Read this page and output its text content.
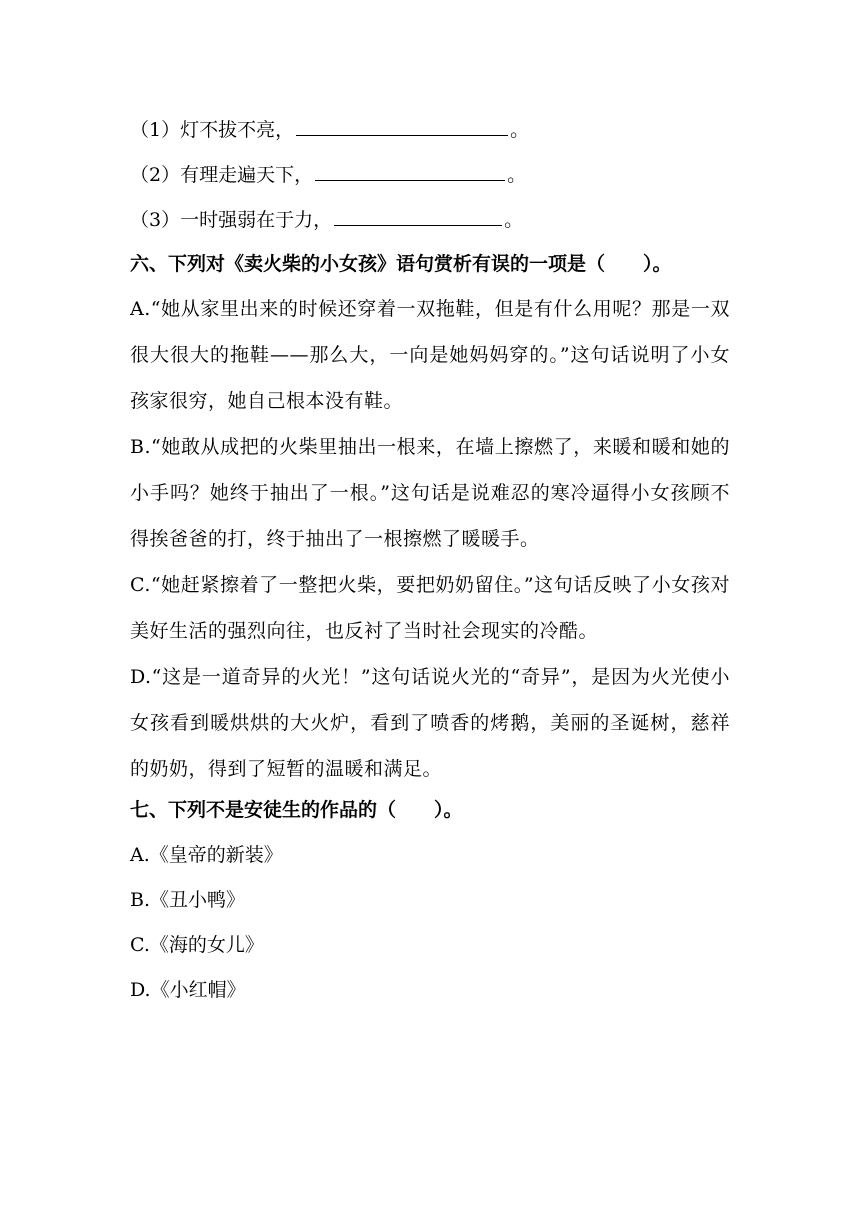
（1）灯不拔不亮，	。
（2）有理走遍天下，	。
（3）一时强弱在于力，	。
六、下列对《卖火柴的小女孩》语句赏析有误的一项是（　　）。
A.“她从家里出来的时候还穿着一双拖鞋，但是有什么用呢？那是一双很大很大的拖鞋——那么大，一向是她妈妈穿的。”这句话说明了小女孩家很穷，她自己根本没有鞋。
B.“她敢从成把的火柴里抽出一根来，在墙上擦燃了，来暖和暖和她的小手吗？她终于抽出了一根。”这句话是说难忍的寒冷逼得小女孩顾不得挨爸爸的打，终于抽出了一根擦燃了暖暖手。
C.“她赶紧擦着了一整把火柴，要把奶奶留住。”这句话反映了小女孩对美好生活的强烈向往，也反衬了当时社会现实的冷酷。
D.“这是一道奇异的火光！”这句话说火光的“奇异”，是因为火光使小女孩看到暖烘烘的大火炉，看到了喷香的烤鹅，美丽的圣诞树，慈祥的奶奶，得到了短暂的温暖和满足。
七、下列不是安徒生的作品的（　　）。
A.《皇帝的新装》
B.《丑小鸭》
C.《海的女儿》
D.《小红帽》
